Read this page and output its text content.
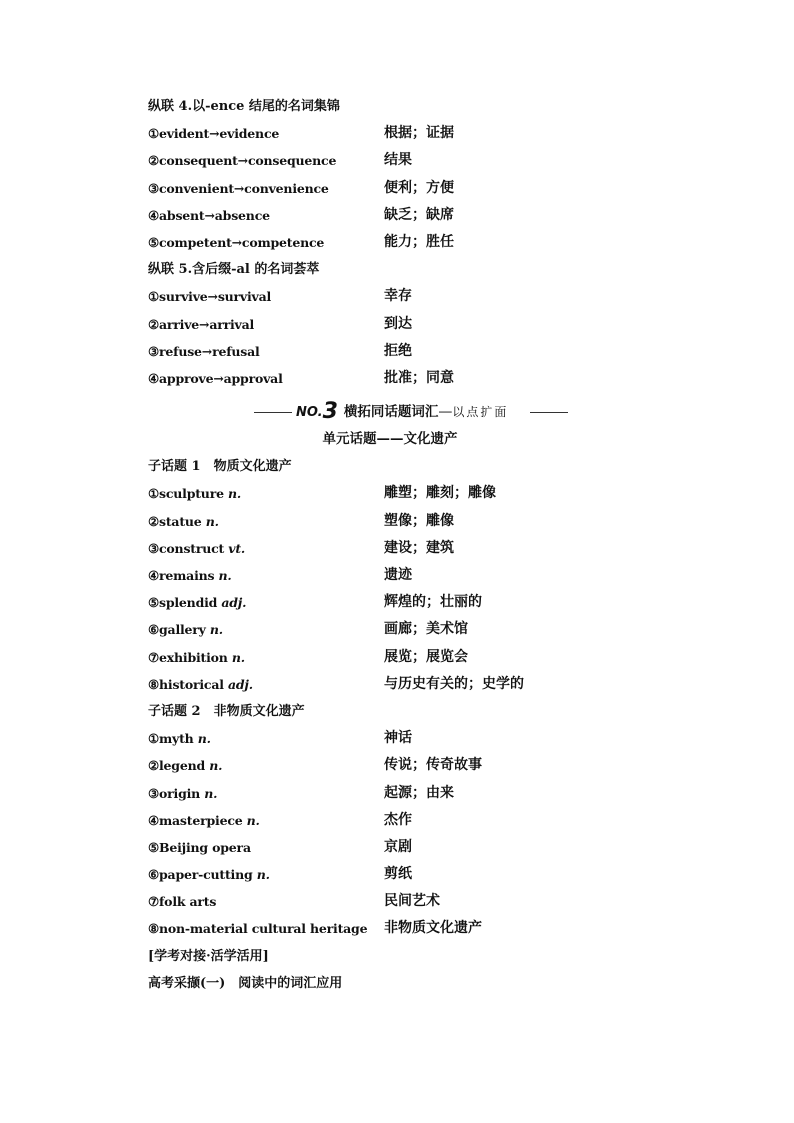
纵联 4.以-ence 结尾的名词集锦
①evident→evidence	根据；证据
②consequent→consequence	结果
③convenient→convenience	便利；方便
④absent→absence	缺乏；缺席
⑤competent→competence	能力；胜任
纵联 5.含后缀-al 的名词荟萃
①survive→survival	幸存
②arrive→arrival	到达
③refuse→refusal	拒绝
④approve→approval	批准；同意
NO.3 横拓同话题词汇—以点扩面
单元话题——文化遗产
子话题 1　物质文化遗产
①sculpture n.	雕塑；雕刻；雕像
②statue n.	塑像；雕像
③construct vt.	建设；建筑
④remains n.	遗迹
⑤splendid adj.	辉煌的；壮丽的
⑥gallery n.	画廊；美术馆
⑦exhibition n.	展览；展览会
⑧historical adj.	与历史有关的；史学的
子话题 2　非物质文化遗产
①myth n.	神话
②legend n.	传说；传奇故事
③origin n.	起源；由来
④masterpiece n.	杰作
⑤Beijing opera	京剧
⑥paper-cutting n.	剪纸
⑦folk arts	民间艺术
⑧non-material cultural heritage 非物质文化遗产
[学考对接·活学活用]
高考采撷(一)　阅读中的词汇应用
